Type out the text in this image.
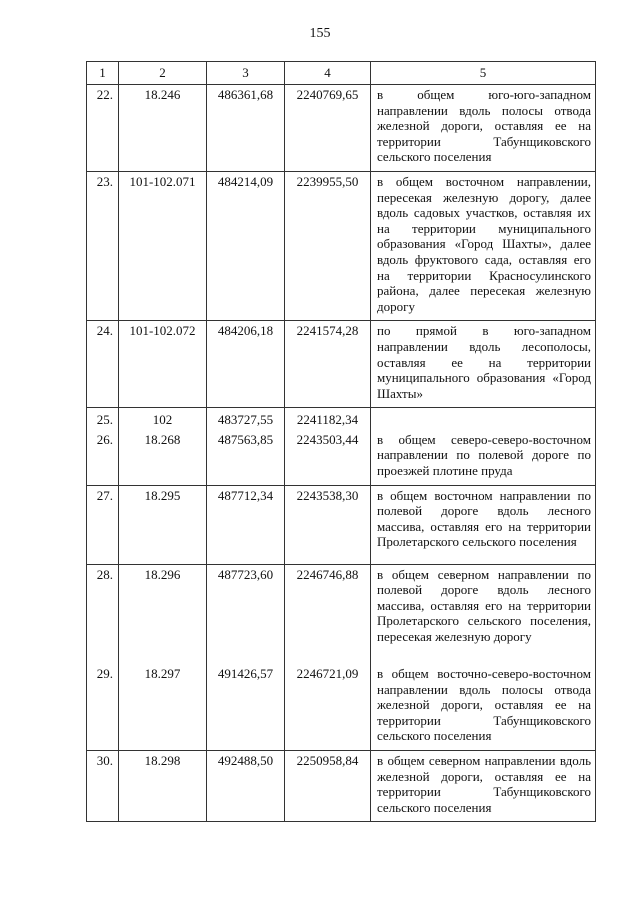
155
1	2	3	4	5
22.	18.246	486361,68	2240769,65	в общем юго-юго-западном направлении вдоль полосы отвода железной дороги, оставляя ее на территории Табунщиковского сельского поселения
23.	101-102.071	484214,09	2239955,50	в общем восточном направлении, пересекая железную дорогу, далее вдоль садовых участков, оставляя их на территории муниципального образования «Город Шахты», далее вдоль фруктового сада, оставляя его на территории Красносулинского района, далее пересекая железную дорогу
24.	101-102.072	484206,18	2241574,28	по прямой в юго-западном направлении вдоль лесополосы, оставляя ее на территории муниципального образования «Город Шахты»
25.	102	483727,55	2241182,34	
26.	18.268	487563,85	2243503,44	в общем северо-северо-восточном направлении по полевой дороге по проезжей плотине пруда
27.	18.295	487712,34	2243538,30	в общем восточном направлении по полевой дороге вдоль лесного массива, оставляя его на территории Пролетарского сельского поселения
28.	18.296	487723,60	2246746,88	в общем северном направлении по полевой дороге вдоль лесного массива, оставляя его на территории Пролетарского сельского поселения, пересекая железную дорогу
29.	18.297	491426,57	2246721,09	в общем восточно-северо-восточном направлении вдоль полосы отвода железной дороги, оставляя ее на территории Табунщиковского сельского поселения
30.	18.298	492488,50	2250958,84	в общем северном направлении вдоль железной дороги, оставляя ее на территории Табунщиковского сельского поселения
